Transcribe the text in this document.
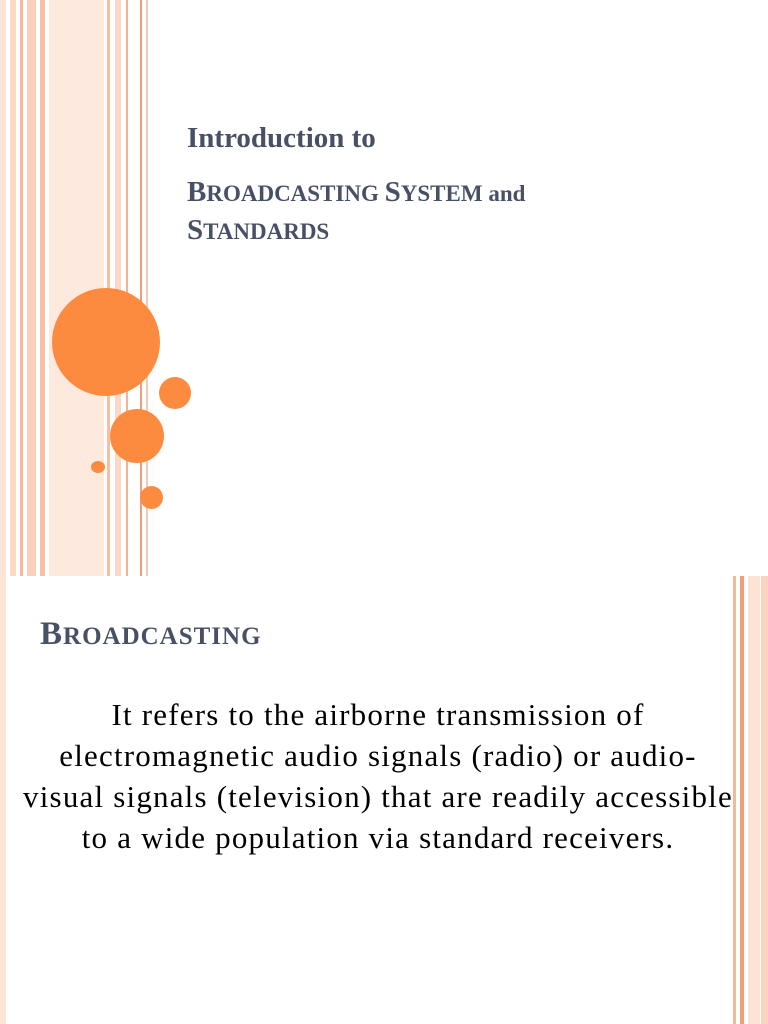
Introduction to
BROADCASTING SYSTEM and
STANDARDS
BROADCASTING

It refers to the airborne transmission of electromagnetic audio signals (radio) or audio-visual signals (television) that are readily accessible to a wide population via standard receivers.
